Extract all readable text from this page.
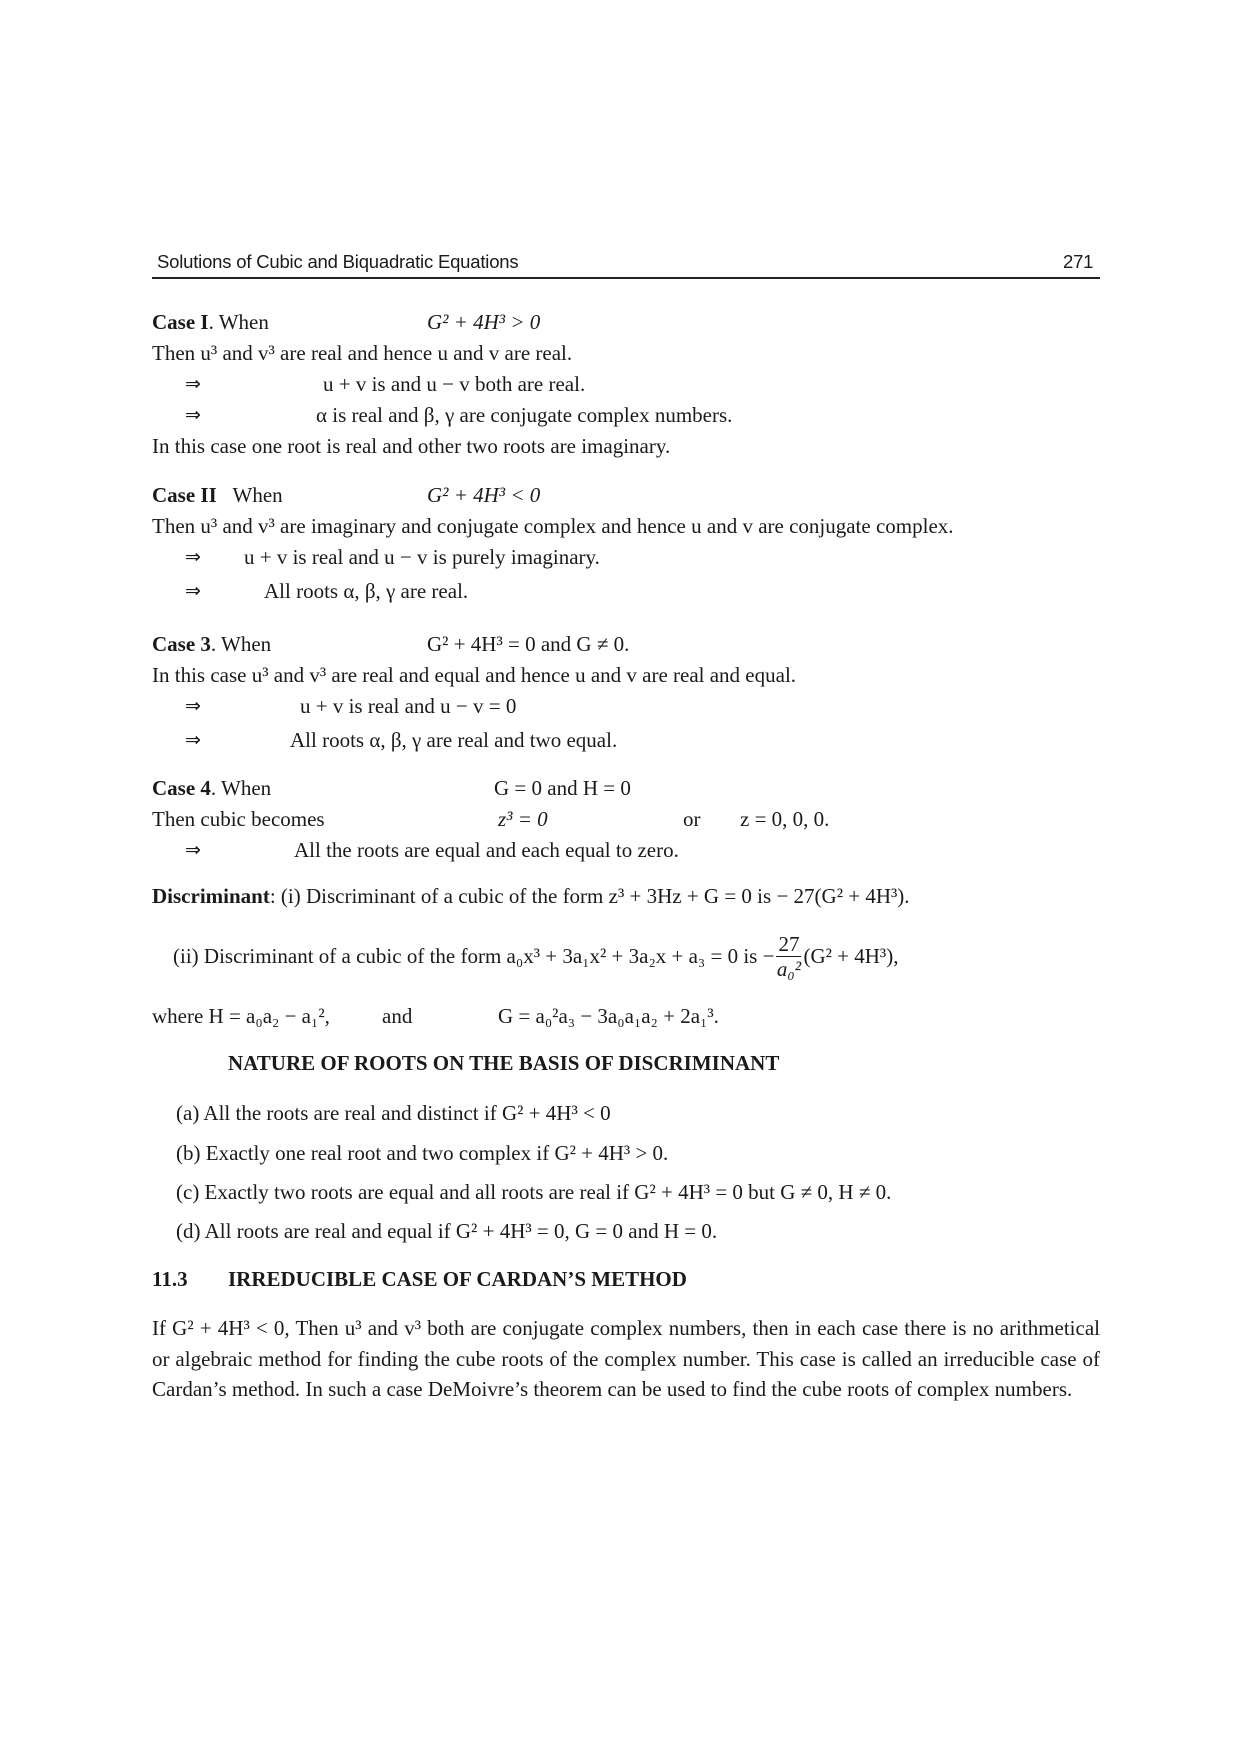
Solutions of Cubic and Biquadratic Equations	271
Case I. When	G² + 4H³ > 0
Then u³ and v³ are real and hence u and v are real.
⇒	u + v is and u − v both are real.
⇒	α is real and β, γ are conjugate complex numbers.
In this case one root is real and other two roots are imaginary.
Case II When	G² + 4H³ < 0
Then u³ and v³ are imaginary and conjugate complex and hence u and v are conjugate complex.
⇒ u + v is real and u − v is purely imaginary.
⇒	All roots α, β, γ are real.
Case 3. When	G² + 4H³ = 0 and G ≠ 0.
In this case u³ and v³ are real and equal and hence u and v are real and equal.
⇒	u + v is real and u − v = 0
⇒	All roots α, β, γ are real and two equal.
Case 4. When	G = 0 and H = 0
Then cubic becomes	z³ = 0	or z = 0, 0, 0.
⇒	All the roots are equal and each equal to zero.
Discriminant: (i) Discriminant of a cubic of the form z³ + 3Hz + G = 0 is − 27(G² + 4H³).
(ii) Discriminant of a cubic of the form a₀x³ + 3a₁x² + 3a₂x + a₃ = 0 is − $\frac{27}{\text{a₀²}} (G^2 + 4H^3)$,
where H = a₀a₂ − a₁², and	G = a₀²a₃ − 3a₀a₁a₂ + 2a₁³.
NATURE OF ROOTS ON THE BASIS OF DISCRIMINANT
(a) All the roots are real and distinct if G² + 4H³ < 0
(b) Exactly one real root and two complex if G² + 4H³ > 0.
(c) Exactly two roots are equal and all roots are real if G² + 4H³ = 0 but G ≠ 0, H ≠ 0.
(d) All roots are real and equal if G² + 4H³ = 0, G = 0 and H = 0.
11.3 IRREDUCIBLE CASE OF CARDAN’S METHOD
If G² + 4H³ < 0, Then u³ and v³ both are conjugate complex numbers, then in each case there is no arithmetical or algebraic method for finding the cube roots of the complex number. This case is called an irreducible case of Cardan’s method. In such a case DeMoivre’s theorem can be used to find the cube roots of complex numbers.
